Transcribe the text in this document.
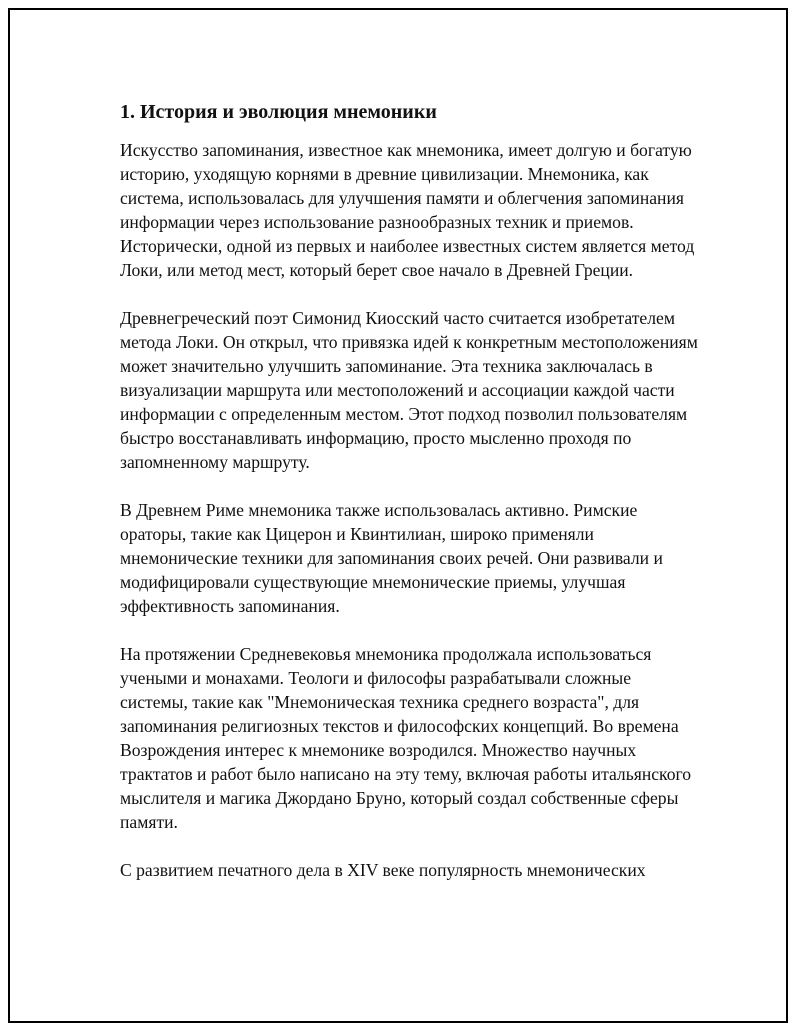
1. История и эволюция мнемоники

Искусство запоминания, известное как мнемоника, имеет долгую и богатую историю, уходящую корнями в древние цивилизации. Мнемоника, как система, использовалась для улучшения памяти и облегчения запоминания информации через использование разнообразных техник и приемов. Исторически, одной из первых и наиболее известных систем является метод Локи, или метод мест, который берет свое начало в Древней Греции.

Древнегреческий поэт Симонид Киосский часто считается изобретателем метода Локи. Он открыл, что привязка идей к конкретным местоположениям может значительно улучшить запоминание. Эта техника заключалась в визуализации маршрута или местоположений и ассоциации каждой части информации с определенным местом. Этот подход позволил пользователям быстро восстанавливать информацию, просто мысленно проходя по запомненному маршруту.

В Древнем Риме мнемоника также использовалась активно. Римские ораторы, такие как Цицерон и Квинтилиан, широко применяли мнемонические техники для запоминания своих речей. Они развивали и модифицировали существующие мнемонические приемы, улучшая эффективность запоминания.

На протяжении Средневековья мнемоника продолжала использоваться учеными и монахами. Теологи и философы разрабатывали сложные системы, такие как "Мнемоническая техника среднего возраста", для запоминания религиозных текстов и философских концепций. Во времена Возрождения интерес к мнемонике возродился. Множество научных трактатов и работ было написано на эту тему, включая работы итальянского мыслителя и магика Джордано Бруно, который создал собственные сферы памяти.

С развитием печатного дела в XIV веке популярность мнемонических
